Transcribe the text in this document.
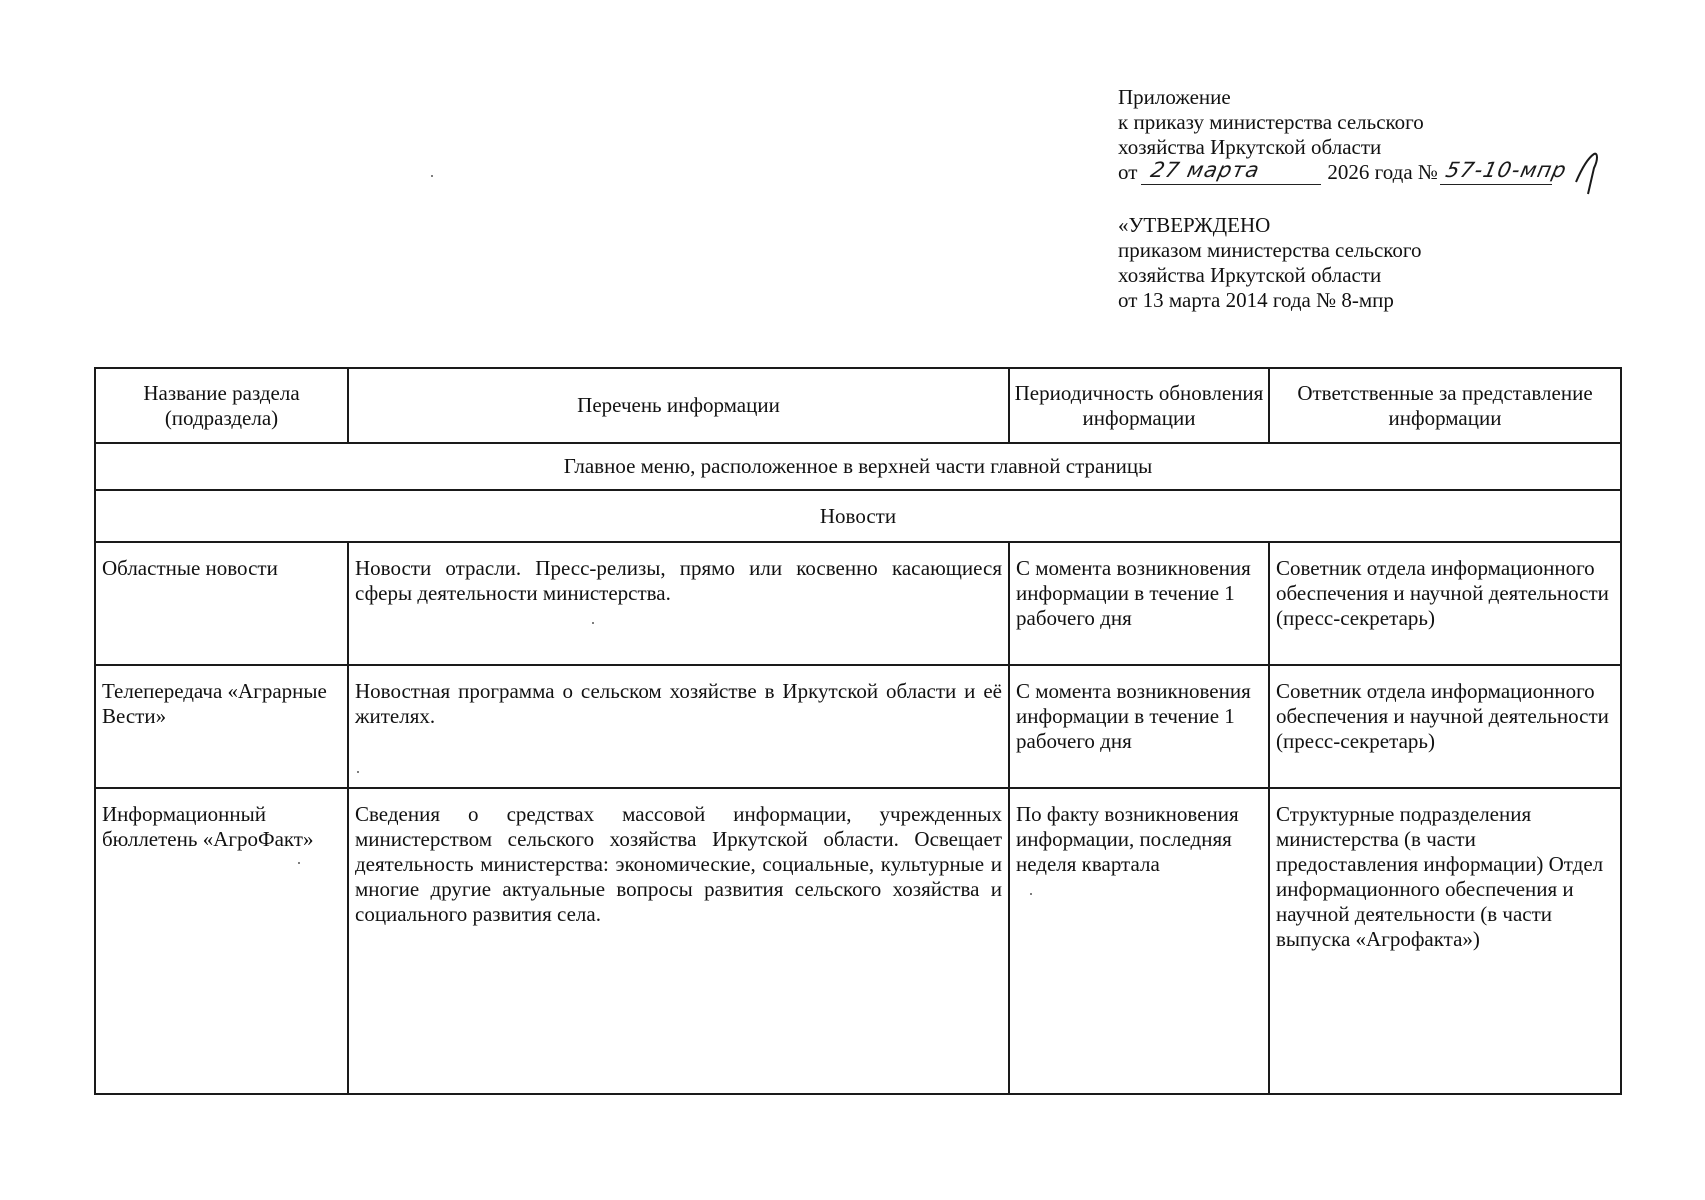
Приложение
к приказу министерства сельского
хозяйства Иркутской области
от 27 марта	2026 года № 57-10-мпр
«УТВЕРЖДЕНО
приказом министерства сельского
хозяйства Иркутской области
от 13 марта 2014 года № 8-мпр
Название раздела (подраздела)	Перечень информации	Периодичность обновления информации	Ответственные за представление информации
Главное меню, расположенное в верхней части главной страницы			
Новости			
Областные новости	Новости отрасли. Пресс-релизы, прямо или косвенно касающиеся сферы деятельности министерства.	С момента возникновения информации в течение 1 рабочего дня	Советник отдела информационного обеспечения и научной деятельности (пресс-секретарь)
Телепередача «Аграрные Вести»	Новостная программа о сельском хозяйстве в Иркутской области и её жителях.	С момента возникновения информации в течение 1 рабочего дня	Советник отдела информационного обеспечения и научной деятельности (пресс-секретарь)
Информационный бюллетень «АгроФакт»	Сведения о средствах массовой информации, учрежденных министерством сельского хозяйства Иркутской области. Освещает деятельность министерства: экономические, социальные, культурные и многие другие актуальные вопросы развития сельского хозяйства и социального развития села.	По факту возникновения информации, последняя неделя квартала	Структурные подразделения министерства (в части предоставления информации) Отдел информационного обеспечения и научной деятельности (в части выпуска «Агрофакта»)
